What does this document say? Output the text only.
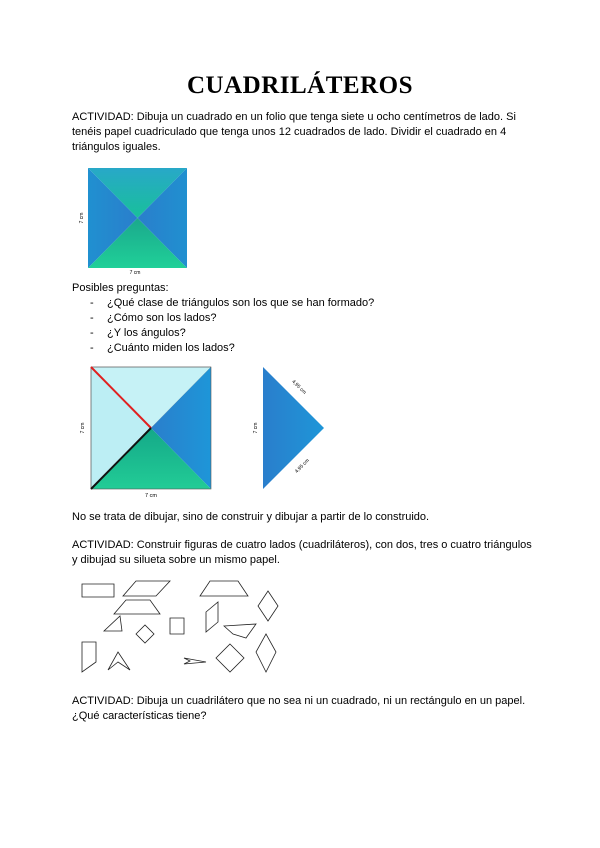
CUADRILÁTEROS
ACTIVIDAD: Dibuja un cuadrado en un folio que tenga siete u ocho centímetros de lado. Si tenéis papel cuadriculado que tenga unos 12 cuadrados de lado. Dividir el cuadrado en 4 triángulos iguales.
7 cm
7 cm
Posibles preguntas:
- ¿Qué clase de triángulos son los que se han formado?
- ¿Cómo son los lados?
- ¿Y los ángulos?
- ¿Cuánto miden los lados?
7 cm
7 cm
7 cm
4,95 cm
4,95 cm
No se trata de dibujar, sino de construir y dibujar a partir de lo construido.
ACTIVIDAD: Construir figuras de cuatro lados (cuadriláteros), con dos, tres o cuatro triángulos y dibujad su silueta sobre un mismo papel.
ACTIVIDAD: Dibuja un cuadrilátero que no sea ni un cuadrado, ni un rectángulo en un papel. ¿Qué características tiene?
